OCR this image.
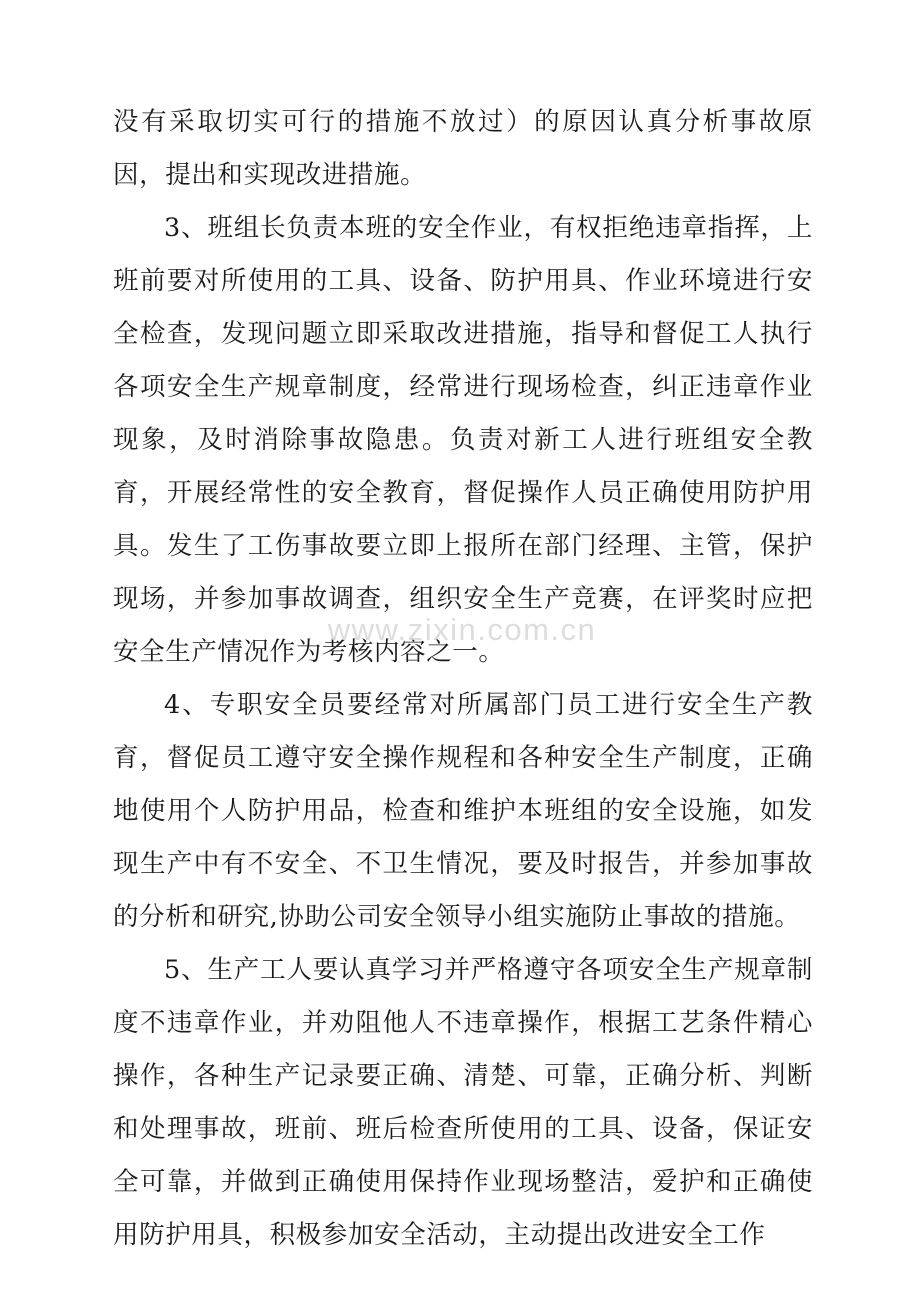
没有采取切实可行的措施不放过）的原因认真分析事故原因，提出和实现改进措施。

3、班组长负责本班的安全作业，有权拒绝违章指挥，上班前要对所使用的工具、设备、防护用具、作业环境进行安全检查，发现问题立即采取改进措施，指导和督促工人执行各项安全生产规章制度，经常进行现场检查，纠正违章作业现象，及时消除事故隐患。负责对新工人进行班组安全教育，开展经常性的安全教育，督促操作人员正确使用防护用具。发生了工伤事故要立即上报所在部门经理、主管，保护现场，并参加事故调查，组织安全生产竞赛，在评奖时应把安全生产情况作为考核内容之一。

4、专职安全员要经常对所属部门员工进行安全生产教育，督促员工遵守安全操作规程和各种安全生产制度，正确地使用个人防护用品，检查和维护本班组的安全设施，如发现生产中有不安全、不卫生情况，要及时报告，并参加事故的分析和研究,协助公司安全领导小组实施防止事故的措施。

5、生产工人要认真学习并严格遵守各项安全生产规章制度不违章作业，并劝阻他人不违章操作，根据工艺条件精心操作，各种生产记录要正确、清楚、可靠，正确分析、判断和处理事故，班前、班后检查所使用的工具、设备，保证安全可靠，并做到正确使用保持作业现场整洁，爱护和正确使用防护用具，积极参加安全活动，主动提出改进安全工作

www.zixin.com.cn
